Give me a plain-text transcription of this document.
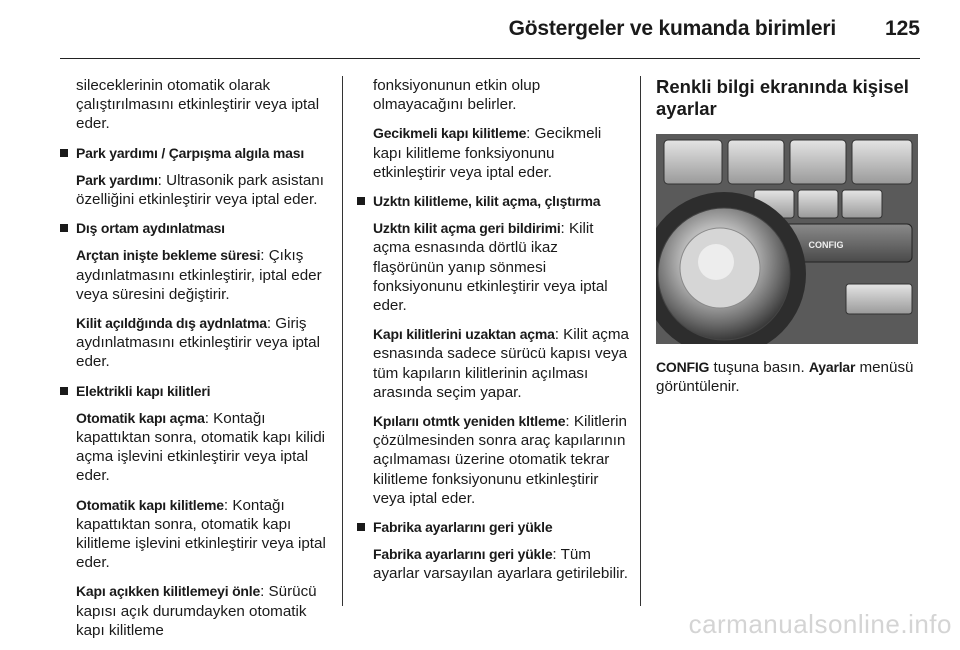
Göstergeler ve kumanda birimleri 125

sileceklerinin otomatik olarak çalıştırılmasını etkinleştirir veya iptal eder.

Park yardımı / Çarpışma algıla ması

Park yardımı: Ultrasonik park asistanı özelliğini etkinleştirir veya iptal eder.

Dış ortam aydınlatması

Arçtan inişte bekleme süresi: Çıkış aydınlatmasını etkinleştirir, iptal eder veya süresini değiştirir.

Kilit açıldğında dış aydnlatma: Giriş aydınlatmasını etkinleştirir veya iptal eder.

Elektrikli kapı kilitleri

Otomatik kapı açma: Kontağı kapattıktan sonra, otomatik kapı kilidi açma işlevini etkinleştirir veya iptal eder.

Otomatik kapı kilitleme: Kontağı kapattıktan sonra, otomatik kapı kilitleme işlevini etkinleştirir veya iptal eder.

Kapı açıkken kilitlemeyi önle: Sürücü kapısı açık durumdayken otomatik kapı kilitleme

fonksiyonunun etkin olup olmayacağını belirler.

Gecikmeli kapı kilitleme: Gecikmeli kapı kilitleme fonksiyonunu etkinleştirir veya iptal eder.

Uzktn kilitleme, kilit açma, çlıştırma

Uzktn kilit açma geri bildirimi: Kilit açma esnasında dörtlü ikaz flaşörünün yanıp sönmesi fonksiyonunu etkinleştirir veya iptal eder.

Kapı kilitlerini uzaktan açma: Kilit açma esnasında sadece sürücü kapısı veya tüm kapıların kilitlerinin açılması arasında seçim yapar.

Kpılarıı otmtk yeniden kltleme: Kilitlerin çözülmesinden sonra araç kapılarının açılmaması üzerine otomatik tekrar kilitleme fonksiyonunu etkinleştirir veya iptal eder.

Fabrika ayarlarını geri yükle

Fabrika ayarlarını geri yükle: Tüm ayarlar varsayılan ayarlara getirilebilir.

Renkli bilgi ekranında kişisel ayarlar
CONFIG

CONFIG tuşuna basın. Ayarlar menüsü görüntülenir.

carmanualsonline.info
